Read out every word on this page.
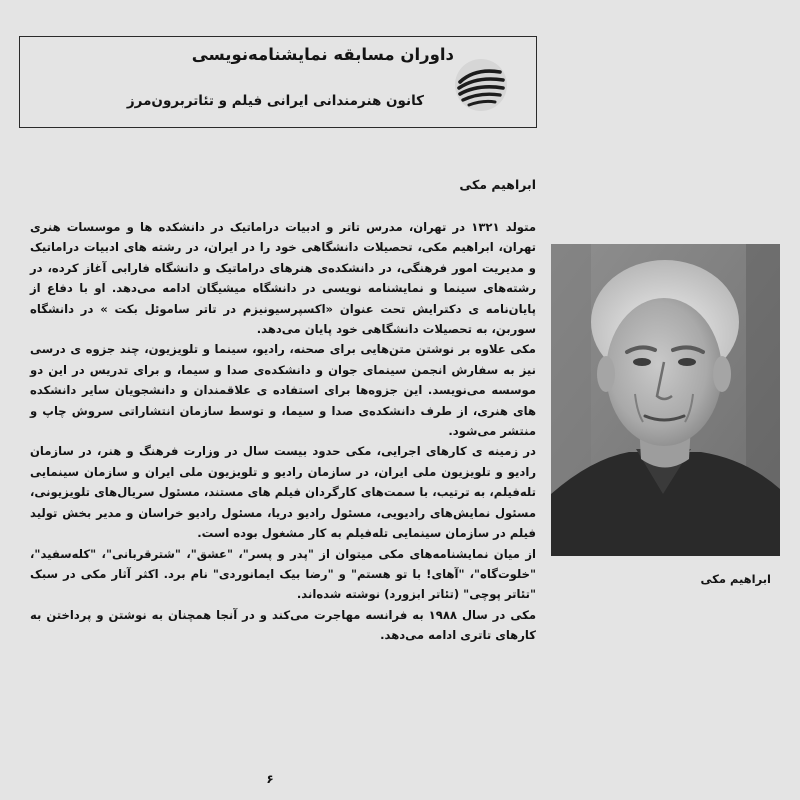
داوران مسابقه نمایشنامه‌نویسی
کانون هنرمندانی ایرانی فیلم و تئاتربرون‌مرز
ابراهیم مکی

متولد ۱۳۲۱ در تهران، مدرس تاتر و ادبیات دراماتیک در دانشکده ها و موسسات هنری تهران، ابراهیم مکی، تحصیلات دانشگاهی خود را در ایران، در رشته های ادبیات دراماتیک و مدیریت امور فرهنگی، در دانشکده‌ی هنرهای دراماتیک و دانشگاه فارابی آغاز کرده، در رشته‌های سینما و نمایشنامه نویسی در دانشگاه میشیگان ادامه می‌دهد. او با دفاع از پایان‌نامه ی دکترایش تحت عنوان «اکسپرسیونیزم در تاتر ساموئل بکت » در دانشگاه سوربن، به تحصیلات دانشگاهی خود پایان می‌دهد.

مکی علاوه بر نوشتن متن‌هایی برای صحنه، رادیو، سینما و تلویزیون، چند جزوه ی درسی نیز به سفارش انجمن سینمای جوان و دانشکده‌ی صدا و سیما، و برای تدریس در این دو موسسه می‌نویسد. این جزوه‌ها برای استفاده ی علاقمندان و دانشجویان سایر دانشکده های هنری، از طرف دانشکده‌ی صدا و سیما، و توسط سازمان انتشاراتی سروش چاپ و منتشر می‌شود.

در زمینه ی کارهای اجرایی، مکی حدود بیست سال در وزارت فرهنگ و هنر، در سازمان رادیو و تلویزیون ملی ایران، در سازمان رادیو و تلویزیون ملی ایران و سازمان سینمایی تله‌فیلم، به ترتیب، با سمت‌های کارگردان فیلم های مستند، مسئول سریال‌های تلویزیونی، مسئول نمایش‌های رادیویی، مسئول رادیو دریا، مسئول رادیو خراسان و مدیر بخش تولید فیلم در سازمان سینمایی تله‌فیلم به کار مشغول بوده است.

از میان نمایشنامه‌های مکی میتوان از "پدر و پسر"، "عشق"، "شترقربانی"، "کله‌سفید"، "خلوت‌گاه"، "آهای! با تو هستم" و "رضا بیک ایمانوردی" نام برد. اکثر آثار مکی در سبک "تئاتر پوچی" (تئاتر ابزورد) نوشته شده‌اند.

مکی در سال ۱۹۸۸ به فرانسه مهاجرت می‌کند و در آنجا همچنان به نوشتن و پرداختن به کارهای تاتری ادامه می‌دهد.

ابراهیم مکی
۶
